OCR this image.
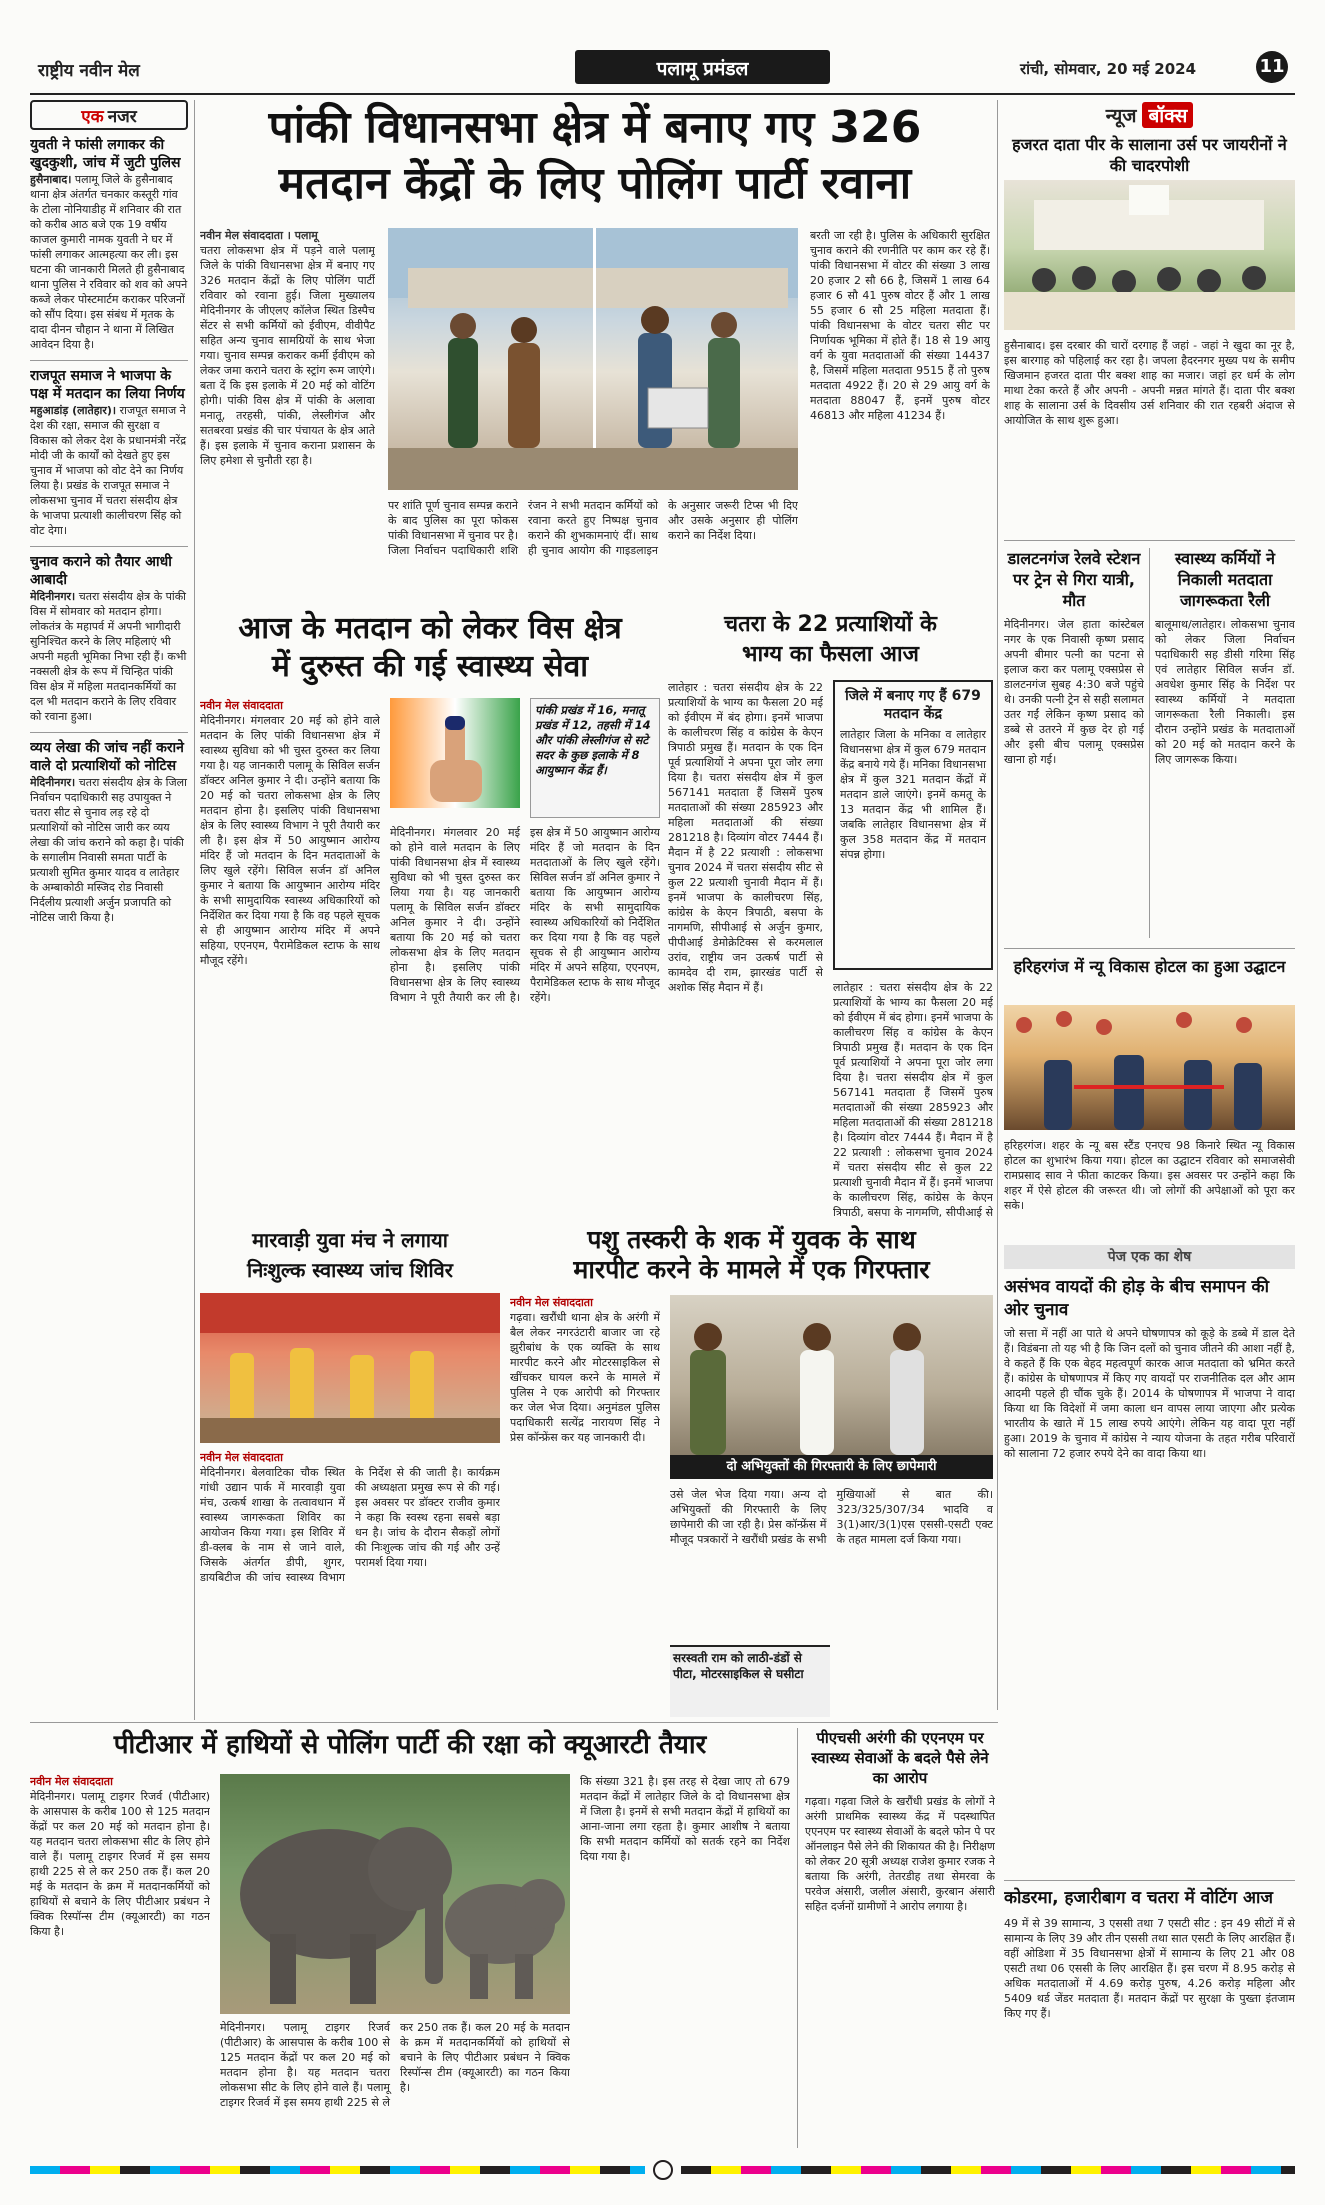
राष्ट्रीय नवीन मेल	पलामू प्रमंडल	रांची, सोमवार, 20 मई 2024	11
एक नजर
युवती ने फांसी लगाकर की खुदकुशी, जांच में जुटी पुलिस
हुसैनाबाद। पलामू जिले के हुसैनाबाद थाना क्षेत्र अंतर्गत चनकार कस्तूरी गांव के टोला नोनियाडीह में शनिवार की रात को करीब आठ बजे एक 19 वर्षीय काजल कुमारी नामक युवती ने घर में फांसी लगाकर आत्महत्या कर ली। इस घटना की जानकारी मिलते ही हुसैनाबाद थाना पुलिस ने रविवार को शव को अपने कब्जे लेकर पोस्टमार्टम कराकर परिजनों को सौंप दिया। इस संबंध में मृतक के दादा दीनन चौहान ने थाना में लिखित आवेदन दिया है।
राजपूत समाज ने भाजपा के पक्ष में मतदान का लिया निर्णय
महुआडांड़ (लातेहार)। राजपूत समाज ने देश की रक्षा, समाज की सुरक्षा व विकास को लेकर देश के प्रधानमंत्री नरेंद्र मोदी जी के कार्यों को देखते हुए इस चुनाव में भाजपा को वोट देने का निर्णय लिया है। प्रखंड के राजपूत समाज ने लोकसभा चुनाव में चतरा संसदीय क्षेत्र के भाजपा प्रत्याशी कालीचरण सिंह को वोट देगा।
चुनाव कराने को तैयार आधी आबादी
मेदिनीनगर। चतरा संसदीय क्षेत्र के पांकी विस में सोमवार को मतदान होगा। लोकतंत्र के महापर्व में अपनी भागीदारी सुनिश्चित करने के लिए महिलाएं भी अपनी महती भूमिका निभा रही हैं। कभी नक्सली क्षेत्र के रूप में चिन्हित पांकी विस क्षेत्र में महिला मतदानकर्मियों का दल भी मतदान कराने के लिए रविवार को रवाना हुआ।
व्यय लेखा की जांच नहीं कराने वाले दो प्रत्याशियों को नोटिस
मेदिनीनगर। चतरा संसदीय क्षेत्र के जिला निर्वाचन पदाधिकारी सह उपायुक्त ने चतरा सीट से चुनाव लड़ रहे दो प्रत्याशियों को नोटिस जारी कर व्यय लेखा की जांच कराने को कहा है। पांकी के सगालीम निवासी समता पार्टी के प्रत्याशी सुमित कुमार यादव व लातेहार के अम्बाकोठी मस्जिद रोड निवासी निर्दलीय प्रत्याशी अर्जुन प्रजापति को नोटिस जारी किया है।
पांकी विधानसभा क्षेत्र में बनाए गए 326
मतदान केंद्रों के लिए पोलिंग पार्टी रवाना
नवीन मेल संवाददाता । पलामू
चतरा लोकसभा क्षेत्र में पड़ने वाले पलामू जिले के पांकी विधानसभा क्षेत्र में बनाए गए 326 मतदान केंद्रों के लिए पोलिंग पार्टी रविवार को रवाना हुई। जिला मुख्यालय मेदिनीनगर के जीएलए कॉलेज स्थित डिस्पैच सेंटर से सभी कर्मियों को ईवीएम, वीवीपैट सहित अन्य चुनाव सामग्रियों के साथ भेजा गया। चुनाव सम्पन्न कराकर कर्मी ईवीएम को लेकर जमा कराने चतरा के स्ट्रांग रूम जाएंगे। बता दें कि इस इलाके में 20 मई को वोटिंग होगी। पांकी विस क्षेत्र में पांकी के अलावा मनातू, तरहसी, पांकी, लेस्लीगंज और सतबरवा प्रखंड की चार पंचायत के क्षेत्र आते हैं। इस इलाके में चुनाव कराना प्रशासन के लिए हमेशा से चुनौती रहा है।
पर शांति पूर्ण चुनाव सम्पन्न कराने के बाद पुलिस का पूरा फोकस पांकी विधानसभा में चुनाव पर है। जिला निर्वाचन पदाधिकारी शशि रंजन ने सभी मतदान कर्मियों को रवाना करते हुए निष्पक्ष चुनाव कराने की शुभकामनाएं दीं। साथ ही चुनाव आयोग की गाइडलाइन के अनुसार जरूरी टिप्स भी दिए और उसके अनुसार ही पोलिंग कराने का निर्देश दिया।
बरती जा रही है। पुलिस के अधिकारी सुरक्षित चुनाव कराने की रणनीति पर काम कर रहे हैं। पांकी विधानसभा में वोटर की संख्या 3 लाख 20 हजार 2 सौ 66 है, जिसमें 1 लाख 64 हजार 6 सौ 41 पुरुष वोटर हैं और 1 लाख 55 हजार 6 सौ 25 महिला मतदाता हैं। पांकी विधानसभा के वोटर चतरा सीट पर निर्णायक भूमिका में होते हैं। 18 से 19 आयु वर्ग के युवा मतदाताओं की संख्या 14437 है, जिसमें महिला मतदाता 9515 हैं तो पुरुष मतदाता 4922 हैं। 20 से 29 आयु वर्ग के मतदाता 88047 हैं, इनमें पुरुष वोटर 46813 और महिला 41234 हैं।
आज के मतदान को लेकर विस क्षेत्र
में दुरुस्त की गई स्वास्थ्य सेवा
पांकी प्रखंड में 16, मनातू प्रखंड में 12, तहसी में 14 और पांकी लेस्लीगंज से सटे सदर के कुछ इलाके में 8 आयुष्मान केंद्र हैं।
नवीन मेल संवाददाता
मेदिनीनगर। मंगलवार 20 मई को होने वाले मतदान के लिए पांकी विधानसभा क्षेत्र में स्वास्थ्य सुविधा को भी चुस्त दुरुस्त कर लिया गया है। यह जानकारी पलामू के सिविल सर्जन डॉक्टर अनिल कुमार ने दी। उन्होंने बताया कि 20 मई को चतरा लोकसभा क्षेत्र के लिए मतदान होना है। इसलिए पांकी विधानसभा क्षेत्र के लिए स्वास्थ्य विभाग ने पूरी तैयारी कर ली है। इस क्षेत्र में 50 आयुष्मान आरोग्य मंदिर हैं जो मतदान के दिन मतदाताओं के लिए खुले रहेंगे। सिविल सर्जन डॉ अनिल कुमार ने बताया कि आयुष्मान आरोग्य मंदिर के सभी सामुदायिक स्वास्थ्य अधिकारियों को निर्देशित कर दिया गया है कि वह पहले सूचक से ही आयुष्मान आरोग्य मंदिर में अपने सहिया, एएनएम, पैरामेडिकल स्टाफ के साथ मौजूद रहेंगे।
मेदिनीनगर। मंगलवार 20 मई को होने वाले मतदान के लिए पांकी विधानसभा क्षेत्र में स्वास्थ्य सुविधा को भी चुस्त दुरुस्त कर लिया गया है। यह जानकारी पलामू के सिविल सर्जन डॉक्टर अनिल कुमार ने दी। उन्होंने बताया कि 20 मई को चतरा लोकसभा क्षेत्र के लिए मतदान होना है। इसलिए पांकी विधानसभा क्षेत्र के लिए स्वास्थ्य विभाग ने पूरी तैयारी कर ली है। इस क्षेत्र में 50 आयुष्मान आरोग्य मंदिर हैं जो मतदान के दिन मतदाताओं के लिए खुले रहेंगे। सिविल सर्जन डॉ अनिल कुमार ने बताया कि आयुष्मान आरोग्य मंदिर के सभी सामुदायिक स्वास्थ्य अधिकारियों को निर्देशित कर दिया गया है कि वह पहले सूचक से ही आयुष्मान आरोग्य मंदिर में अपने सहिया, एएनएम, पैरामेडिकल स्टाफ के साथ मौजूद रहेंगे।
चतरा के 22 प्रत्याशियों के
भाग्य का फैसला आज
लातेहार : चतरा संसदीय क्षेत्र के 22 प्रत्याशियों के भाग्य का फैसला 20 मई को ईवीएम में बंद होगा। इनमें भाजपा के कालीचरण सिंह व कांग्रेस के केएन त्रिपाठी प्रमुख हैं। मतदान के एक दिन पूर्व प्रत्याशियों ने अपना पूरा जोर लगा दिया है। चतरा संसदीय क्षेत्र में कुल 567141 मतदाता हैं जिसमें पुरुष मतदाताओं की संख्या 285923 और महिला मतदाताओं की संख्या 281218 है। दिव्यांग वोटर 7444 हैं। मैदान में है 22 प्रत्याशी : लोकसभा चुनाव 2024 में चतरा संसदीय सीट से कुल 22 प्रत्याशी चुनावी मैदान में हैं। इनमें भाजपा के कालीचरण सिंह, कांग्रेस के केएन त्रिपाठी, बसपा के नागमणि, सीपीआई से अर्जुन कुमार, पीपीआई डेमोक्रेटिक्स से करमलाल उरांव, राष्ट्रीय जन उत्कर्ष पार्टी से कामदेव दी राम, झारखंड पार्टी से अशोक सिंह मैदान में हैं।
जिले में बनाए गए हैं 679 मतदान केंद्र
लातेहार जिला के मनिका व लातेहार विधानसभा क्षेत्र में कुल 679 मतदान केंद्र बनाये गये हैं। मनिका विधानसभा क्षेत्र में कुल 321 मतदान केंद्रों में मतदान डाले जाएंगे। इनमें कमतू के 13 मतदान केंद्र भी शामिल हैं। जबकि लातेहार विधानसभा क्षेत्र में कुल 358 मतदान केंद्र में मतदान संपन्न होगा।
लातेहार : चतरा संसदीय क्षेत्र के 22 प्रत्याशियों के भाग्य का फैसला 20 मई को ईवीएम में बंद होगा। इनमें भाजपा के कालीचरण सिंह व कांग्रेस के केएन त्रिपाठी प्रमुख हैं। मतदान के एक दिन पूर्व प्रत्याशियों ने अपना पूरा जोर लगा दिया है। चतरा संसदीय क्षेत्र में कुल 567141 मतदाता हैं जिसमें पुरुष मतदाताओं की संख्या 285923 और महिला मतदाताओं की संख्या 281218 है। दिव्यांग वोटर 7444 हैं। मैदान में है 22 प्रत्याशी : लोकसभा चुनाव 2024 में चतरा संसदीय सीट से कुल 22 प्रत्याशी चुनावी मैदान में हैं। इनमें भाजपा के कालीचरण सिंह, कांग्रेस के केएन त्रिपाठी, बसपा के नागमणि, सीपीआई से
न्यूज बॉक्स
हजरत दाता पीर के सालाना उर्स पर जायरीनों ने की चादरपोशी
हुसैनाबाद। इस दरबार की चारों दरगाह हैं जहां - जहां ने खुदा का नूर है, इस बारगाह को पहिलाई कर रहा है। जपला हैदरनगर मुख्य पथ के समीप खिजमान हजरत दाता पीर बक्श शाह का मजार। जहां हर धर्म के लोग माथा टेका करते हैं और अपनी - अपनी मन्नत मांगते हैं। दाता पीर बक्श शाह के सालाना उर्स के दिवसीय उर्स शनिवार की रात रहबरी अंदाज से आयोजित के साथ शुरू हुआ।
डालटनगंज रेलवे स्टेशन पर ट्रेन से गिरा यात्री, मौत
मेदिनीनगर। जेल हाता कांस्टेबल नगर के एक निवासी कृष्ण प्रसाद अपनी बीमार पत्नी का पटना से इलाज करा कर पलामू एक्सप्रेस से डालटनगंज सुबह 4:30 बजे पहुंचे थे। उनकी पत्नी ट्रेन से सही सलामत उतर गईं लेकिन कृष्ण प्रसाद को डब्बे से उतरने में कुछ देर हो गई और इसी बीच पलामू एक्सप्रेस खाना हो गई।
स्वास्थ्य कर्मियों ने निकाली मतदाता जागरूकता रैली
बालूमाथ/लातेहार। लोकसभा चुनाव को लेकर जिला निर्वाचन पदाधिकारी सह डीसी गरिमा सिंह एवं लातेहार सिविल सर्जन डॉ. अवधेश कुमार सिंह के निर्देश पर स्वास्थ्य कर्मियों ने मतदाता जागरूकता रैली निकाली। इस दौरान उन्होंने प्रखंड के मतदाताओं को 20 मई को मतदान करने के लिए जागरूक किया।
हरिहरगंज में न्यू विकास होटल का हुआ उद्घाटन
हरिहरगंज। शहर के न्यू बस स्टैंड एनएच 98 किनारे स्थित न्यू विकास होटल का शुभारंभ किया गया। होटल का उद्घाटन रविवार को समाजसेवी रामप्रसाद साव ने फीता काटकर किया। इस अवसर पर उन्होंने कहा कि शहर में ऐसे होटल की जरूरत थी। जो लोगों की अपेक्षाओं को पूरा कर सके।
पेज एक का शेष
असंभव वायदों की होड़ के बीच समापन की ओर चुनाव
जो सत्ता में नहीं आ पाते थे अपने घोषणापत्र को कूड़े के डब्बे में डाल देते हैं। विडंबना तो यह भी है कि जिन दलों को चुनाव जीतने की आशा नहीं है, वे कहते हैं कि एक बेहद महत्वपूर्ण कारक आज मतदाता को भ्रमित करते हैं। कांग्रेस के घोषणापत्र में किए गए वायदों पर राजनीतिक दल और आम आदमी पहले ही चौंक चुके हैं। 2014 के घोषणापत्र में भाजपा ने वादा किया था कि विदेशों में जमा काला धन वापस लाया जाएगा और प्रत्येक भारतीय के खाते में 15 लाख रुपये आएंगे। लेकिन यह वादा पूरा नहीं हुआ। 2019 के चुनाव में कांग्रेस ने न्याय योजना के तहत गरीब परिवारों को सालाना 72 हजार रुपये देने का वादा किया था।
मारवाड़ी युवा मंच ने लगाया
निःशुल्क स्वास्थ्य जांच शिविर
नवीन मेल संवाददाता
मेदिनीनगर। बेलवाटिका चौक स्थित गांधी उद्यान पार्क में मारवाड़ी युवा मंच, उत्कर्ष शाखा के तत्वावधान में स्वास्थ्य जागरूकता शिविर का आयोजन किया गया। इस शिविर में डी-क्लब के नाम से जाने वाले, जिसके अंतर्गत डीपी, शुगर, डायबिटीज की जांच स्वास्थ्य विभाग के निर्देश से की जाती है। कार्यक्रम की अध्यक्षता प्रमुख रूप से की गई। इस अवसर पर डॉक्टर राजीव कुमार ने कहा कि स्वस्थ रहना सबसे बड़ा धन है। जांच के दौरान सैकड़ों लोगों की निःशुल्क जांच की गई और उन्हें परामर्श दिया गया।
पशु तस्करी के शक में युवक के साथ
मारपीट करने के मामले में एक गिरफ्तार
नवीन मेल संवाददाता
गढ़वा। खरौंधी थाना क्षेत्र के अरंगी में बैल लेकर नगरउंटारी बाजार जा रहे झुरीबांध के एक व्यक्ति के साथ मारपीट करने और मोटरसाइकिल से खींचकर घायल करने के मामले में पुलिस ने एक आरोपी को गिरफ्तार कर जेल भेज दिया। अनुमंडल पुलिस पदाधिकारी सत्येंद्र नारायण सिंह ने प्रेस कॉन्फ्रेंस कर यह जानकारी दी।
दो अभियुक्तों की गिरफ्तारी के लिए छापेमारी
उसे जेल भेज दिया गया। अन्य दो अभियुक्तों की गिरफ्तारी के लिए छापेमारी की जा रही है। प्रेस कॉन्फ्रेंस में मौजूद पत्रकारों ने खरौंधी प्रखंड के सभी मुखियाओं से बात की। 323/325/307/34 भादवि व 3(1)आर/3(1)एस एससी-एसटी एक्ट के तहत मामला दर्ज किया गया।
सरस्वती राम को लाठी-डंडों से पीटा, मोटरसाइकिल से घसीटा
पीटीआर में हाथियों से पोलिंग पार्टी की रक्षा को क्यूआरटी तैयार
नवीन मेल संवाददाता
मेदिनीनगर। पलामू टाइगर रिजर्व (पीटीआर) के आसपास के करीब 100 से 125 मतदान केंद्रों पर कल 20 मई को मतदान होना है। यह मतदान चतरा लोकसभा सीट के लिए होने वाले हैं। पलामू टाइगर रिजर्व में इस समय हाथी 225 से ले कर 250 तक हैं। कल 20 मई के मतदान के क्रम में मतदानकर्मियों को हाथियों से बचाने के लिए पीटीआर प्रबंधन ने क्विक रिस्पॉन्स टीम (क्यूआरटी) का गठन किया है।
मेदिनीनगर। पलामू टाइगर रिजर्व (पीटीआर) के आसपास के करीब 100 से 125 मतदान केंद्रों पर कल 20 मई को मतदान होना है। यह मतदान चतरा लोकसभा सीट के लिए होने वाले हैं। पलामू टाइगर रिजर्व में इस समय हाथी 225 से ले कर 250 तक हैं। कल 20 मई के मतदान के क्रम में मतदानकर्मियों को हाथियों से बचाने के लिए पीटीआर प्रबंधन ने क्विक रिस्पॉन्स टीम (क्यूआरटी) का गठन किया है।
कि संख्या 321 है। इस तरह से देखा जाए तो 679 मतदान केंद्रों में लातेहार जिले के दो विधानसभा क्षेत्र में जिला है। इनमें से सभी मतदान केंद्रों में हाथियों का आना-जाना लगा रहता है। कुमार आशीष ने बताया कि सभी मतदान कर्मियों को सतर्क रहने का निर्देश दिया गया है।
पीएचसी अरंगी की एएनएम पर स्वास्थ्य सेवाओं के बदले पैसे लेने का आरोप
गढ़वा। गढ़वा जिले के खरौंधी प्रखंड के लोगों ने अरंगी प्राथमिक स्वास्थ्य केंद्र में पदस्थापित एएनएम पर स्वास्थ्य सेवाओं के बदले फोन पे पर ऑनलाइन पैसे लेने की शिकायत की है। निरीक्षण को लेकर 20 सूत्री अध्यक्ष राजेश कुमार रजक ने बताया कि अरंगी, तेतरडीह तथा सेमरवा के परवेज अंसारी, जलील अंसारी, कुरबान अंसारी सहित दर्जनों ग्रामीणों ने आरोप लगाया है।	कोडरमा, हजारीबाग व चतरा में वोटिंग आज
49 में से 39 सामान्य, 3 एससी तथा 7 एसटी सीट : इन 49 सीटों में से सामान्य के लिए 39 और तीन एससी तथा सात एसटी के लिए आरक्षित हैं। वहीं ओडिशा में 35 विधानसभा क्षेत्रों में सामान्य के लिए 21 और 08 एसटी तथा 06 एससी के लिए आरक्षित हैं। इस चरण में 8.95 करोड़ से अधिक मतदाताओं में 4.69 करोड़ पुरुष, 4.26 करोड़ महिला और 5409 थर्ड जेंडर मतदाता हैं। मतदान केंद्रों पर सुरक्षा के पुख्ता इंतजाम किए गए हैं।
